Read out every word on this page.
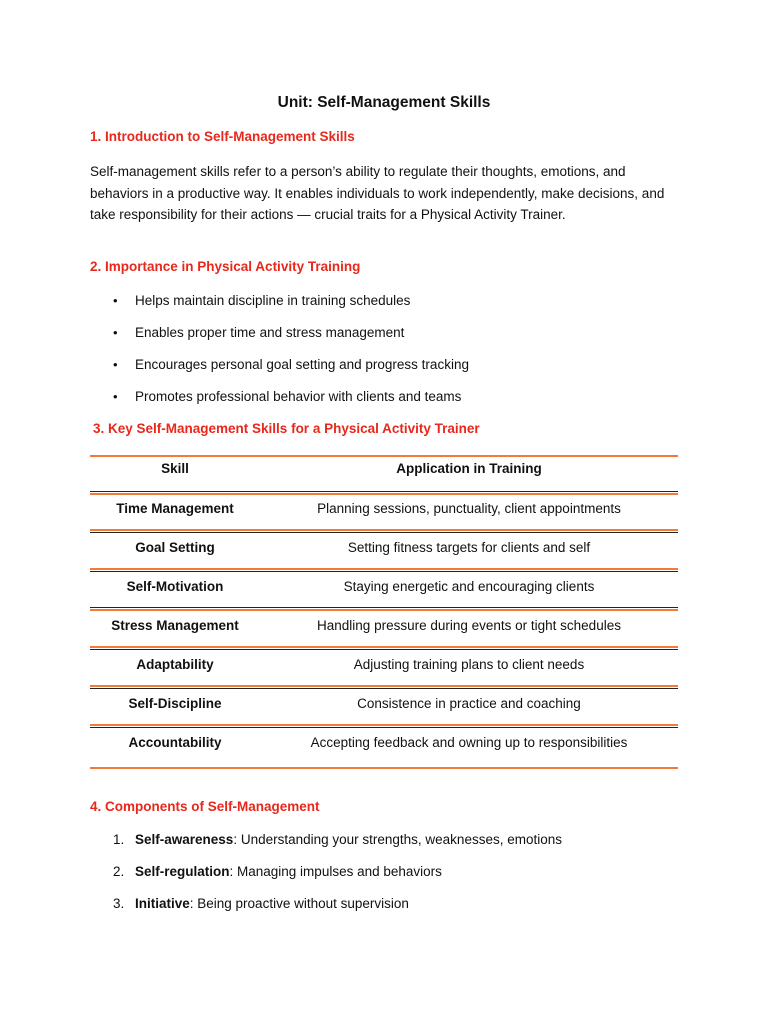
Unit: Self-Management Skills
1. Introduction to Self-Management Skills
Self-management skills refer to a person’s ability to regulate their thoughts, emotions, and behaviors in a productive way. It enables individuals to work independently, make decisions, and take responsibility for their actions — crucial traits for a Physical Activity Trainer.
2. Importance in Physical Activity Training
• Helps maintain discipline in training schedules
• Enables proper time and stress management
• Encourages personal goal setting and progress tracking
• Promotes professional behavior with clients and teams
3. Key Self-Management Skills for a Physical Activity Trainer
Skill	Application in Training
Time Management	Planning sessions, punctuality, client appointments
Goal Setting	Setting fitness targets for clients and self
Self-Motivation	Staying energetic and encouraging clients
Stress Management	Handling pressure during events or tight schedules
Adaptability	Adjusting training plans to client needs
Self-Discipline	Consistence in practice and coaching
Accountability	Accepting feedback and owning up to responsibilities
4. Components of Self-Management
1. Self-awareness: Understanding your strengths, weaknesses, emotions
2. Self-regulation: Managing impulses and behaviors
3. Initiative: Being proactive without supervision
